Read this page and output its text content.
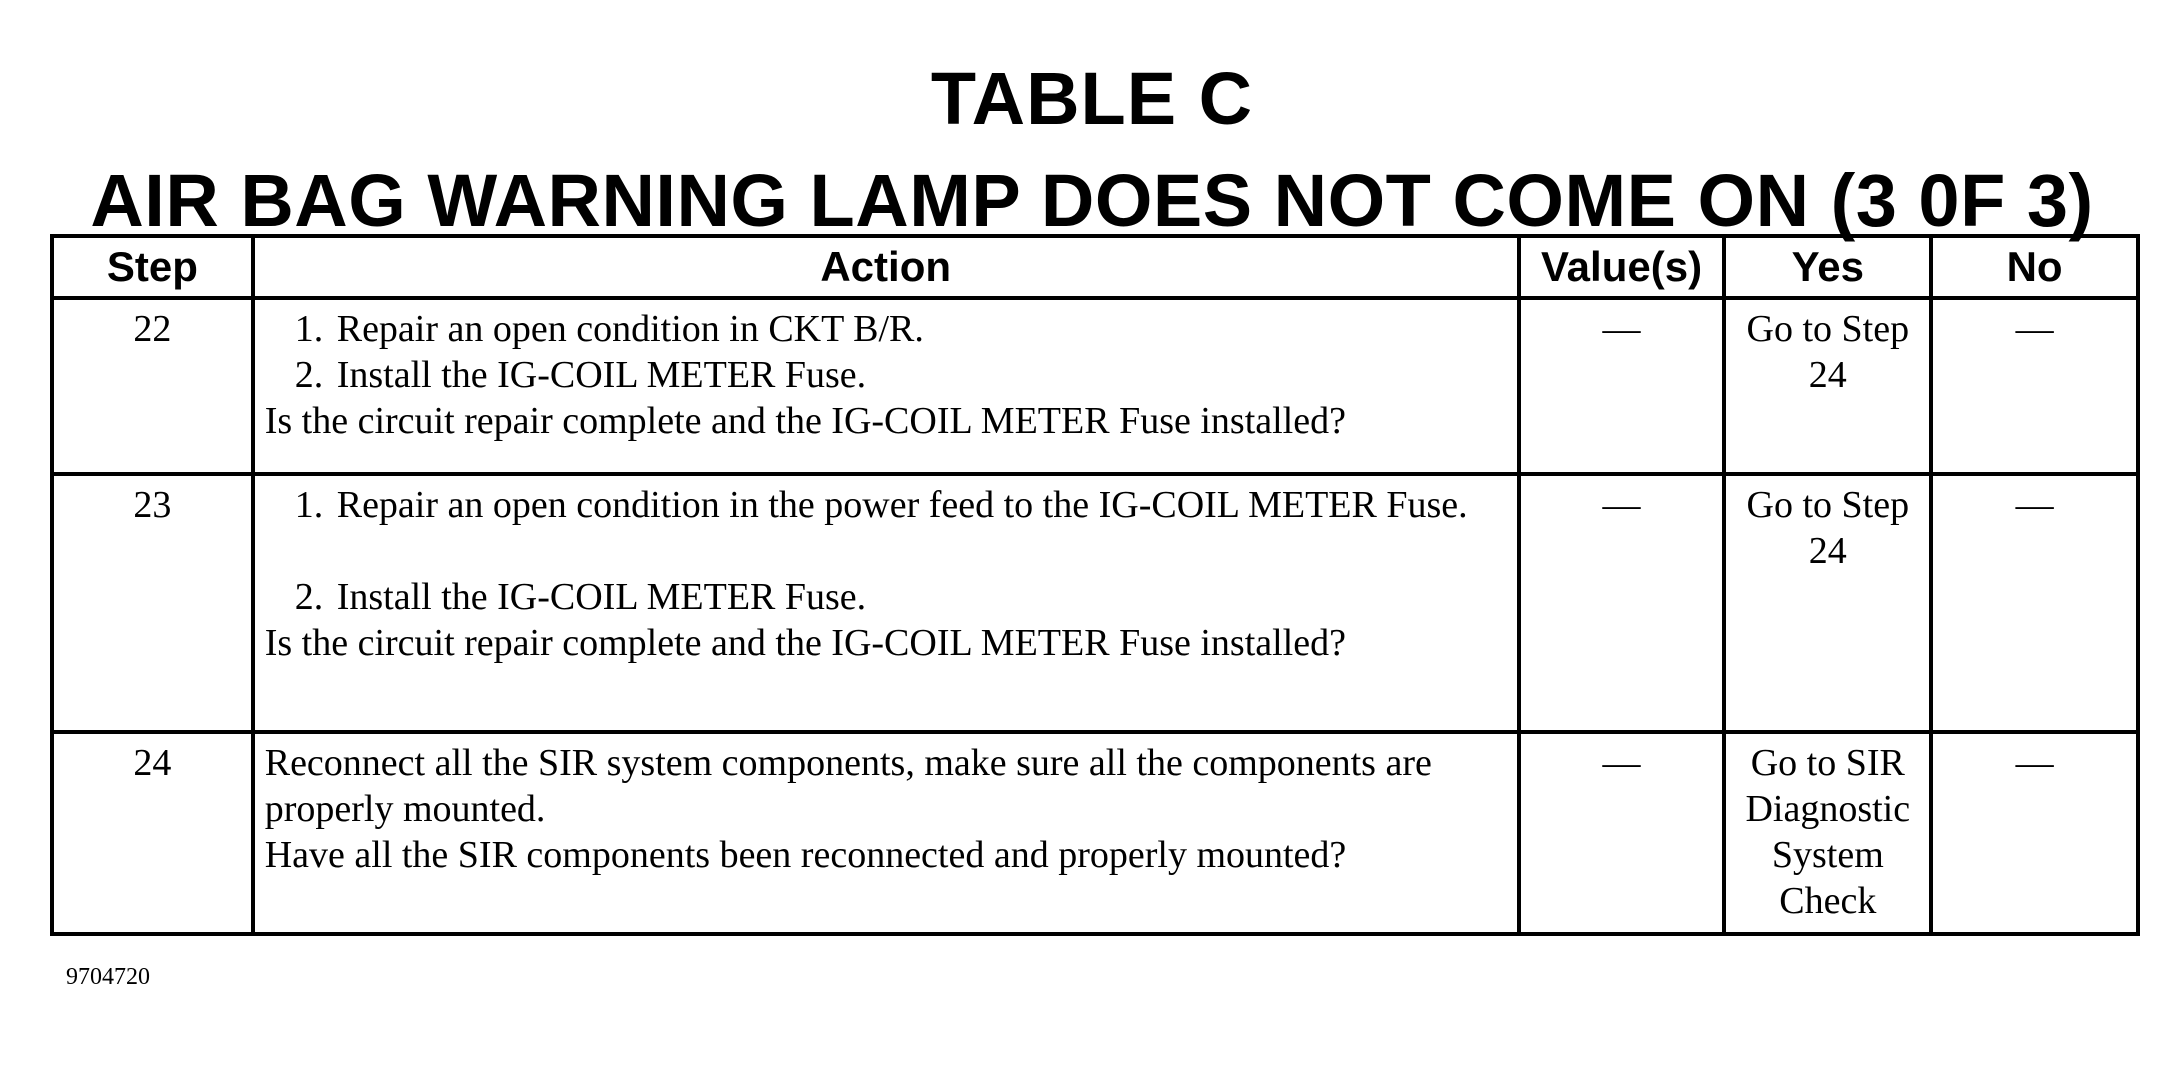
TABLE C
AIR BAG WARNING LAMP DOES NOT COME ON (3 0F 3)
Step	Action	Value(s)	Yes	No
22	1. Repair an open condition in CKT B/R.
2. Install the IG-COIL METER Fuse.
Is the circuit repair complete and the IG-COIL METER Fuse installed?	—	Go to Step 24	—
23	1. Repair an open condition in the power feed to the IG-COIL METER Fuse.
2. Install the IG-COIL METER Fuse.
Is the circuit repair complete and the IG-COIL METER Fuse installed?	—	Go to Step 24	—
24	Reconnect all the SIR system components, make sure all the components are properly mounted.
Have all the SIR components been reconnected and properly mounted?	—	Go to SIR Diagnostic System Check	—
9704720
